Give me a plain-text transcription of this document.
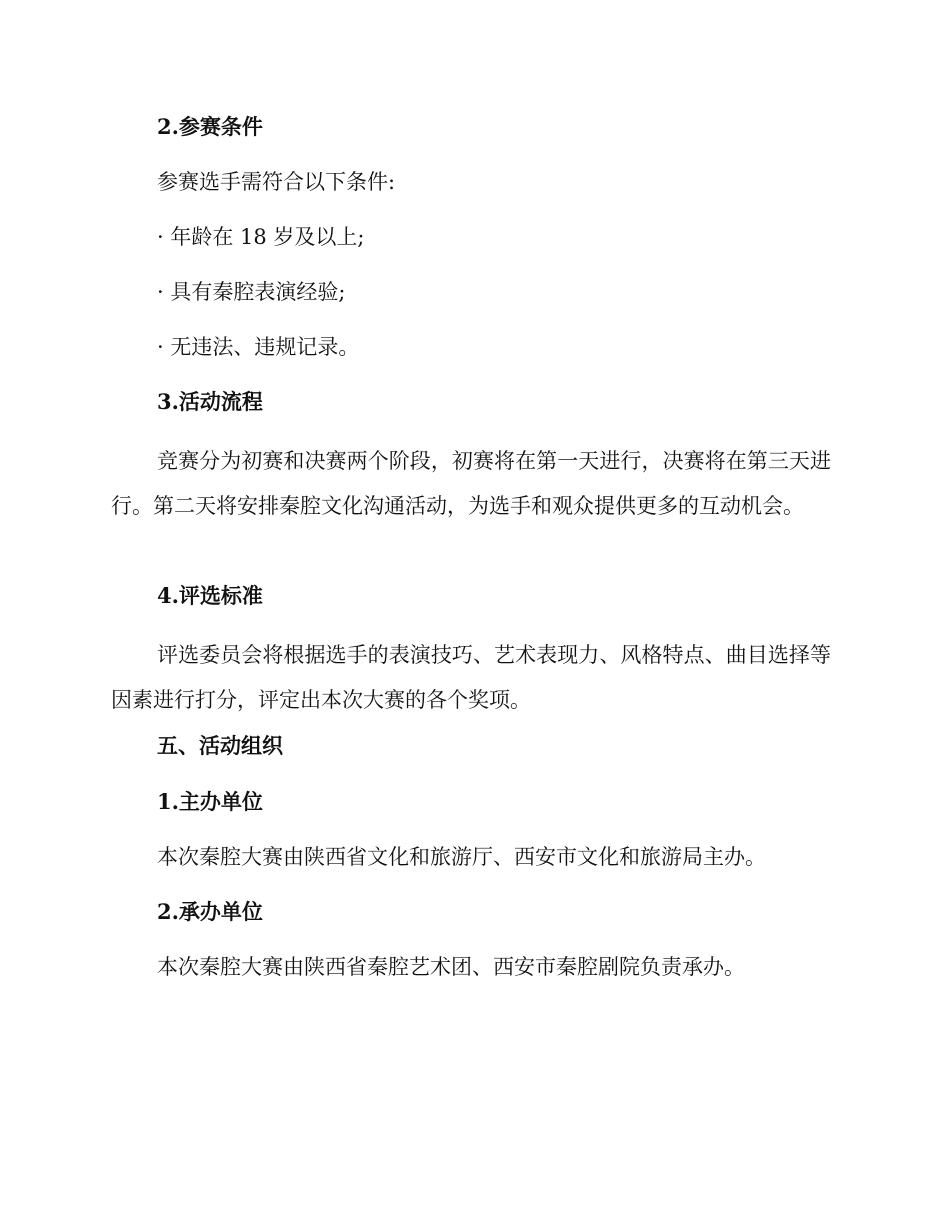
2.参赛条件

参赛选手需符合以下条件:

· 年龄在 18 岁及以上;

· 具有秦腔表演经验;

· 无违法、违规记录。

3.活动流程

竞赛分为初赛和决赛两个阶段，初赛将在第一天进行，决赛将在第三天进行。第二天将安排秦腔文化沟通活动，为选手和观众提供更多的互动机会。

4.评选标准

评选委员会将根据选手的表演技巧、艺术表现力、风格特点、曲目选择等因素进行打分，评定出本次大赛的各个奖项。

五、活动组织

1.主办单位

本次秦腔大赛由陕西省文化和旅游厅、西安市文化和旅游局主办。

2.承办单位

本次秦腔大赛由陕西省秦腔艺术团、西安市秦腔剧院负责承办。
